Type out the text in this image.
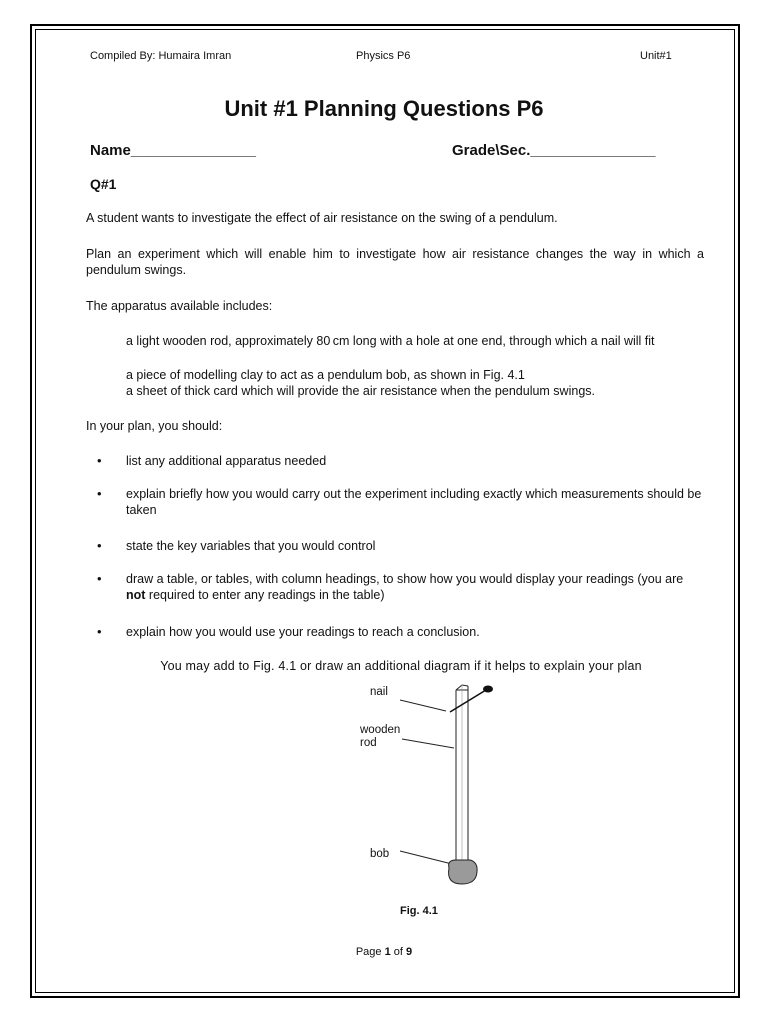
Compiled By: Humaira Imran	Physics P6	Unit#1
Unit #1 Planning Questions P6
Name_______________	Grade\Sec._______________
Q#1
A student wants to investigate the effect of air resistance on the swing of a pendulum.
Plan an experiment which will enable him to investigate how air resistance changes the way in which a pendulum swings.
The apparatus available includes:
a light wooden rod, approximately 80 cm long with a hole at one end, through which a nail will fit
a piece of modelling clay to act as a pendulum bob, as shown in Fig. 4.1
a sheet of thick card which will provide the air resistance when the pendulum swings.
In your plan, you should:
• list any additional apparatus needed
• explain briefly how you would carry out the experiment including exactly which measurements should be taken
• state the key variables that you would control
• draw a table, or tables, with column headings, to show how you would display your readings (you are not required to enter any readings in the table)
• explain how you would use your readings to reach a conclusion.
You may add to Fig. 4.1 or draw an additional diagram if it helps to explain your plan
nail
wooden
rod
bob
Fig. 4.1
Page 1 of 9
